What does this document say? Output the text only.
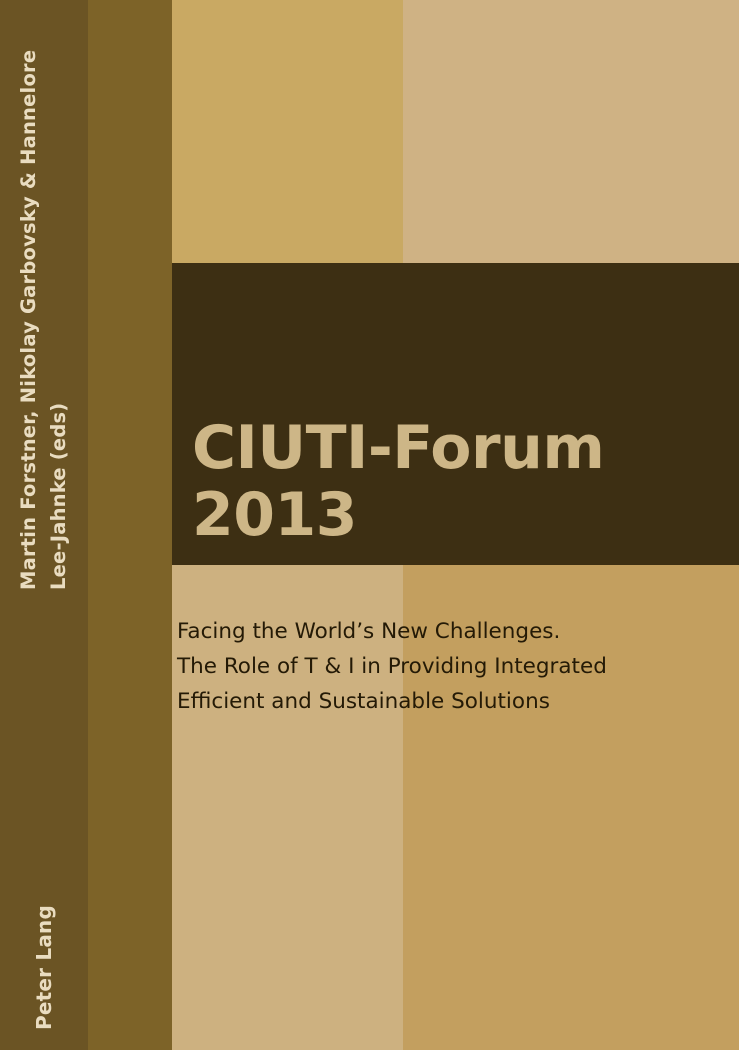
Martin Forstner, Nikolay Garbovsky & Hannelore Lee-Jahnke (eds)
Peter Lang
CIUTI-Forum
2013
Facing the World’s New Challenges.
The Role of T & I in Providing Integrated
Efficient and Sustainable Solutions
